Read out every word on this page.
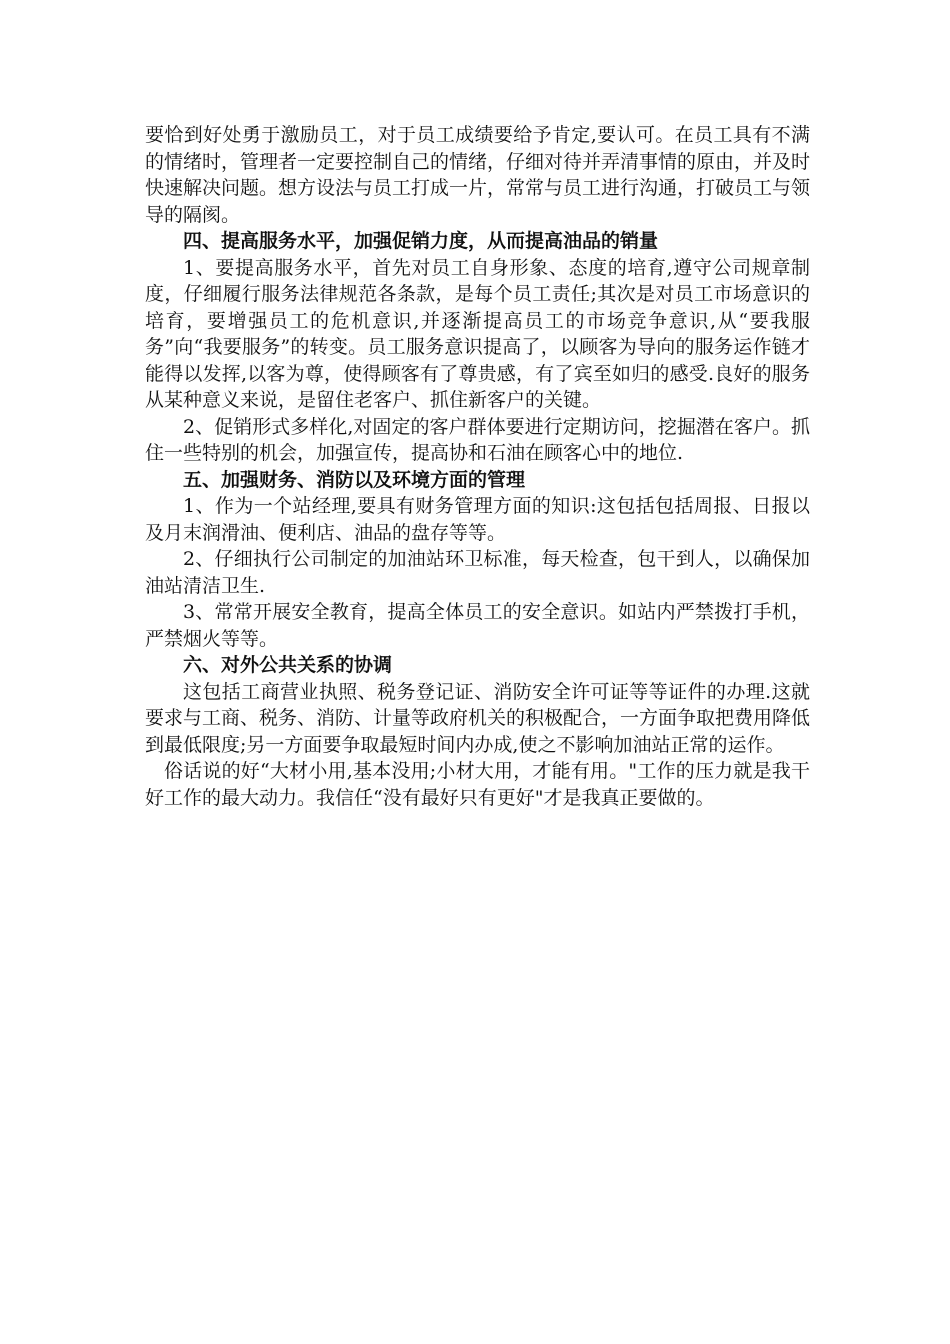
要恰到好处勇于激励员工，对于员工成绩要给予肯定,要认可。在员工具有不满的情绪时，管理者一定要控制自己的情绪，仔细对待并弄清事情的原由，并及时快速解决问题。想方设法与员工打成一片，常常与员工进行沟通，打破员工与领导的隔阂。

四、提高服务水平，加强促销力度，从而提高油品的销量

1、要提高服务水平，首先对员工自身形象、态度的培育,遵守公司规章制度，仔细履行服务法律规范各条款，是每个员工责任;其次是对员工市场意识的培育，要增强员工的危机意识,并逐渐提高员工的市场竞争意识,从“要我服务”向“我要服务”的转变。员工服务意识提高了，以顾客为导向的服务运作链才能得以发挥,以客为尊，使得顾客有了尊贵感，有了宾至如归的感受.良好的服务从某种意义来说，是留住老客户、抓住新客户的关键。

2、促销形式多样化,对固定的客户群体要进行定期访问，挖掘潜在客户。抓住一些特别的机会，加强宣传，提高协和石油在顾客心中的地位.

五、加强财务、消防以及环境方面的管理

1、作为一个站经理,要具有财务管理方面的知识:这包括包括周报、日报以及月末润滑油、便利店、油品的盘存等等。

2、仔细执行公司制定的加油站环卫标准，每天检查，包干到人，以确保加油站清洁卫生.

3、常常开展安全教育，提高全体员工的安全意识。如站内严禁拨打手机，严禁烟火等等。

六、对外公共关系的协调

这包括工商营业执照、税务登记证、消防安全许可证等等证件的办理.这就要求与工商、税务、消防、计量等政府机关的积极配合，一方面争取把费用降低到最低限度;另一方面要争取最短时间内办成,使之不影响加油站正常的运作。

俗话说的好“大材小用,基本没用;小材大用，才能有用。"工作的压力就是我干好工作的最大动力。我信任“没有最好只有更好"才是我真正要做的。
